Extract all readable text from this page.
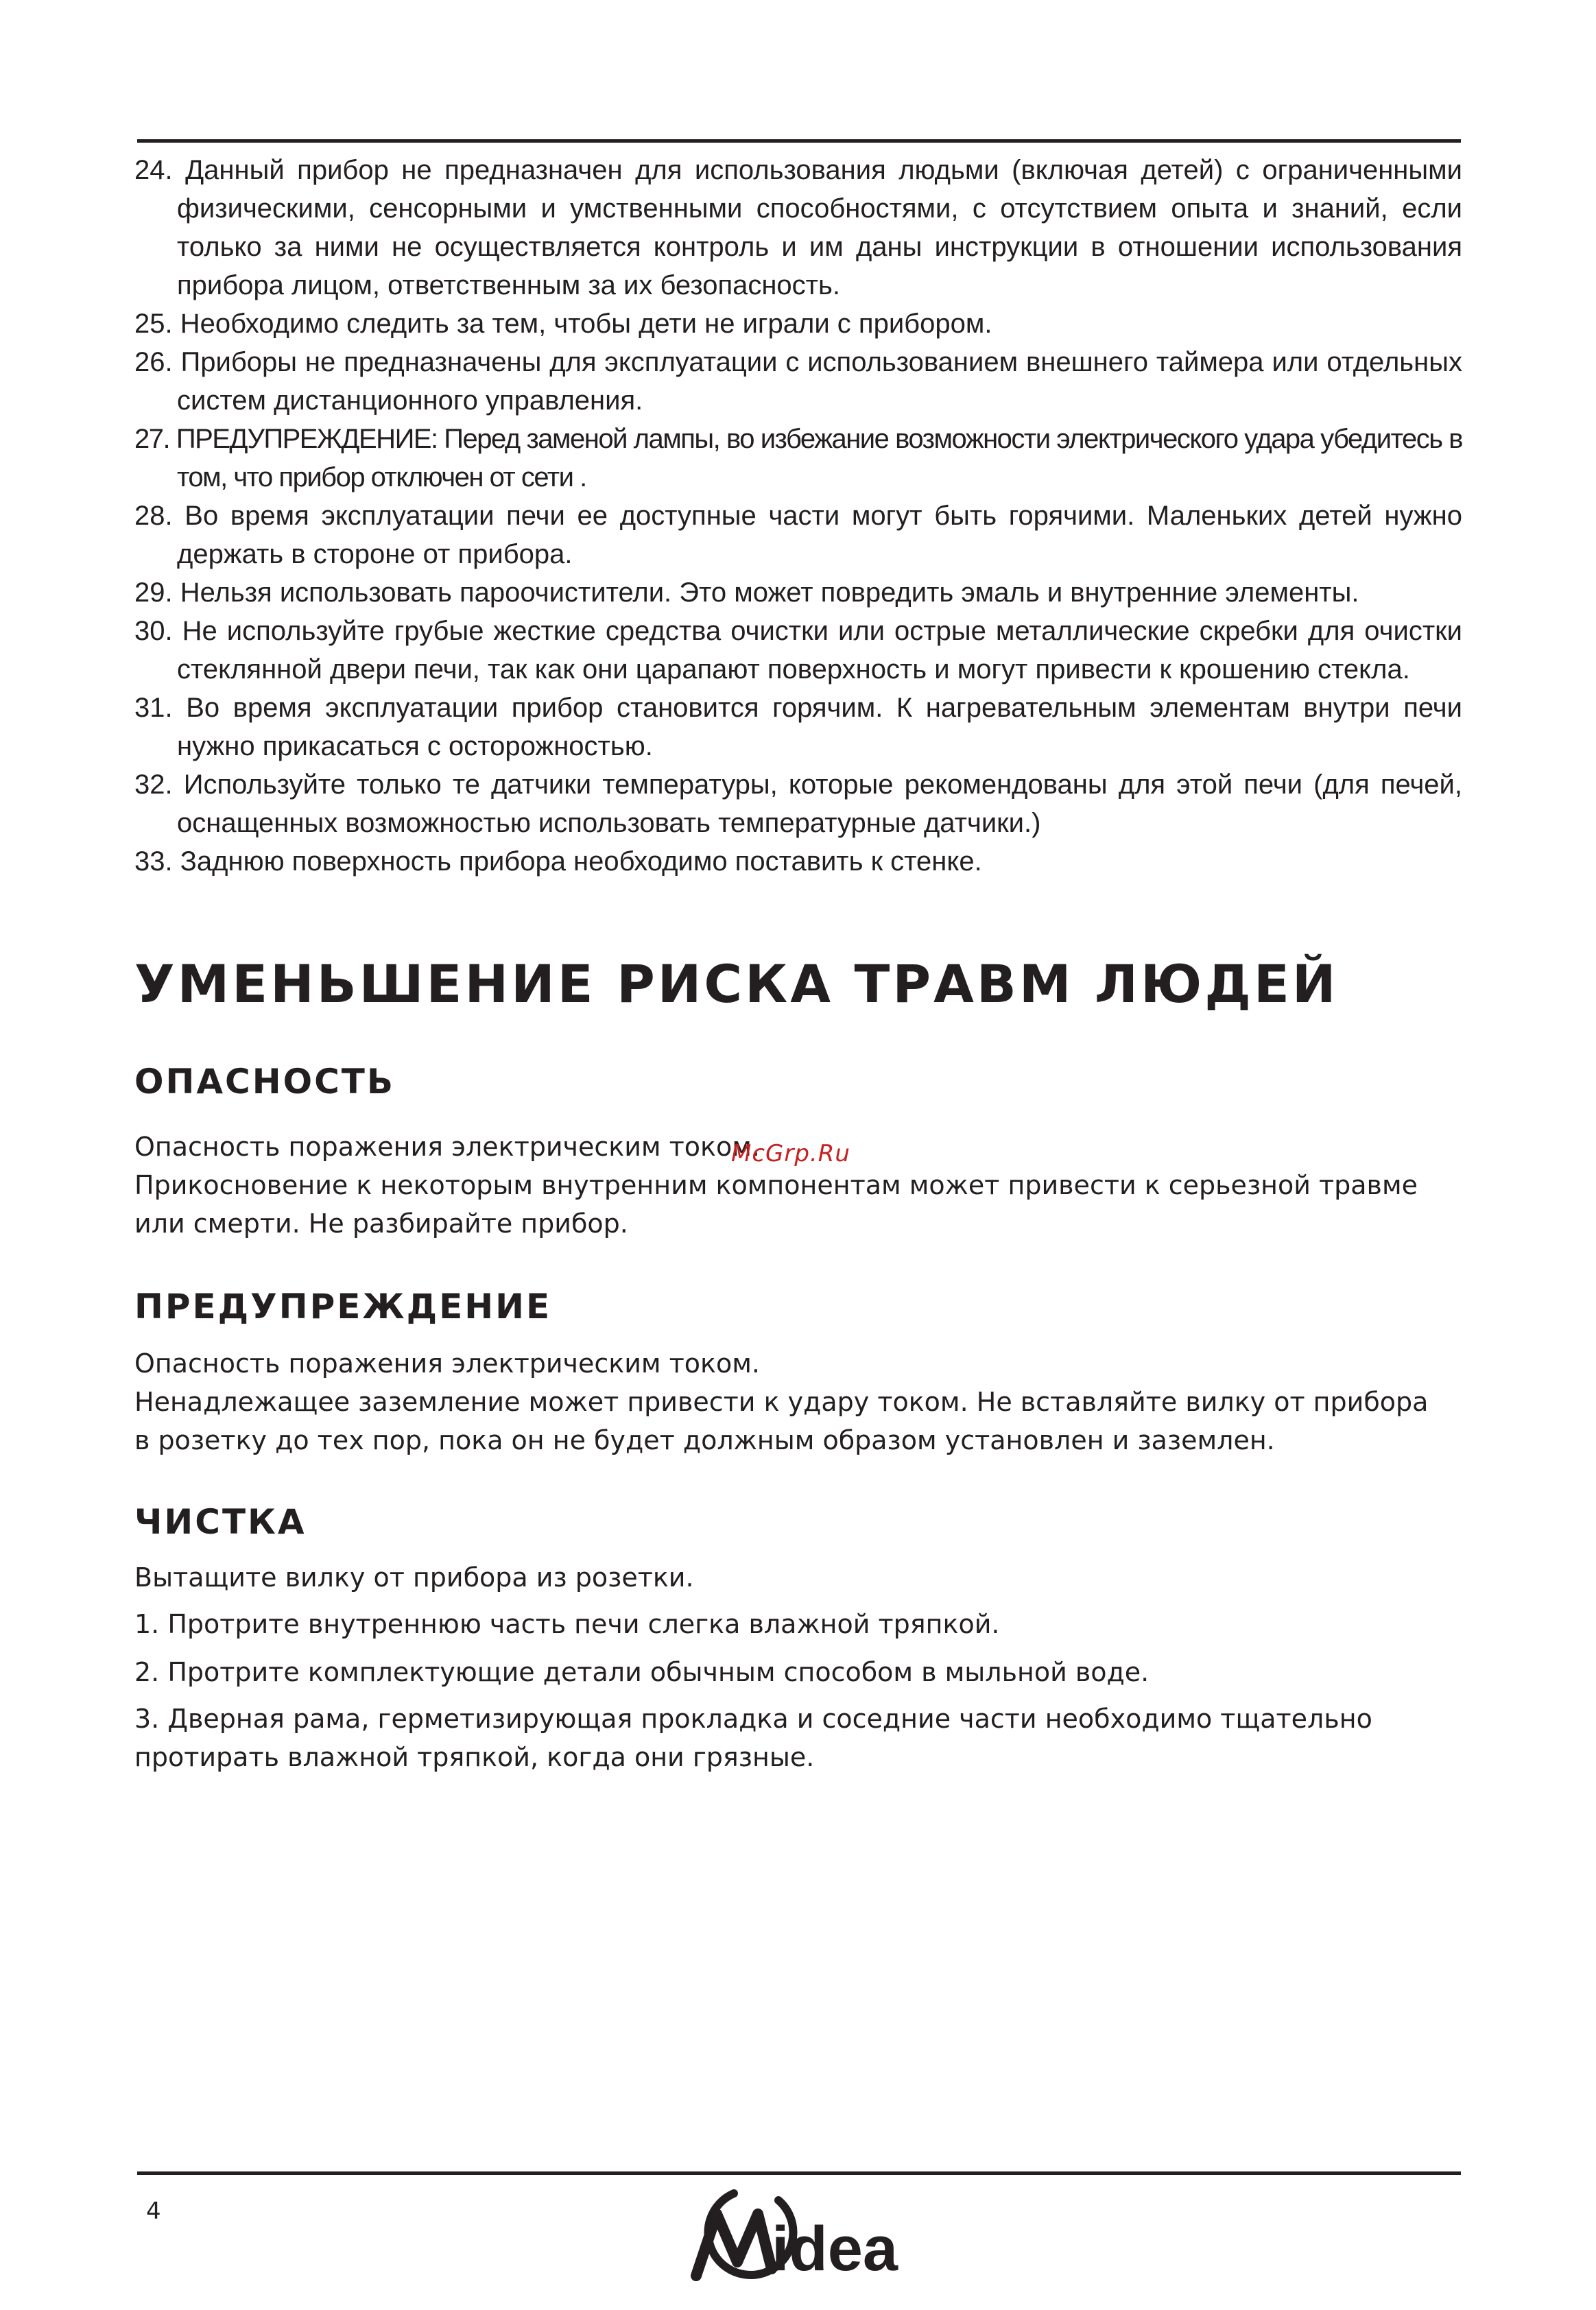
24. Данный прибор не предназначен для использования людьми (включая детей) с ограниченными физическими, сенсорными и умственными способностями, с отсутствием опыта и знаний, если только за ними не осуществляется контроль и им даны инструкции в отношении использования прибора лицом, ответственным за их безопасность.
25. Необходимо следить за тем, чтобы дети не играли с прибором.
26. Приборы не предназначены для эксплуатации с использованием внешнего таймера или отдельных систем дистанционного управления.
27. ПРЕДУПРЕЖДЕНИЕ: Перед заменой лампы, во избежание возможности электрического удара убедитесь в том, что прибор отключен от сети .
28. Во время эксплуатации печи ее доступные части могут быть горячими. Маленьких детей нужно держать в стороне от прибора.
29. Нельзя использовать пароочистители. Это может повредить эмаль и внутренние элементы.
30. Не используйте грубые жесткие средства очистки или острые металлические скребки для очистки стеклянной двери печи, так как они царапают поверхность и могут привести к крошению стекла.
31. Во время эксплуатации прибор становится горячим. К нагревательным элементам внутри печи нужно прикасаться с осторожностью.
32. Используйте только те датчики температуры, которые рекомендованы для этой печи (для печей, оснащенных возможностью использовать температурные датчики.)
33. Заднюю поверхность прибора необходимо поставить к стенке.
УМЕНЬШЕНИЕ РИСКА ТРАВМ ЛЮДЕЙ
ОПАСНОСТЬ

Опасность поражения электрическим током.

Прикосновение к некоторым внутренним компонентам может привести к серьезной травме или смерти. Не разбирайте прибор.

McGrp.Ru
ПРЕДУПРЕЖДЕНИЕ

Опасность поражения электрическим током.

Ненадлежащее заземление может привести к удару током. Не вставляйте вилку от прибора в розетку до тех пор, пока он не будет должным образом установлен и заземлен.

ЧИСТКА

Вытащите вилку от прибора из розетки.

1. Протрите внутреннюю часть печи слегка влажной тряпкой.

2. Протрите комплектующие детали обычным способом в мыльной воде.

3. Дверная рама, герметизирующая прокладка и соседние части необходимо тщательно протирать влажной тряпкой, когда они грязные.

4
idea
